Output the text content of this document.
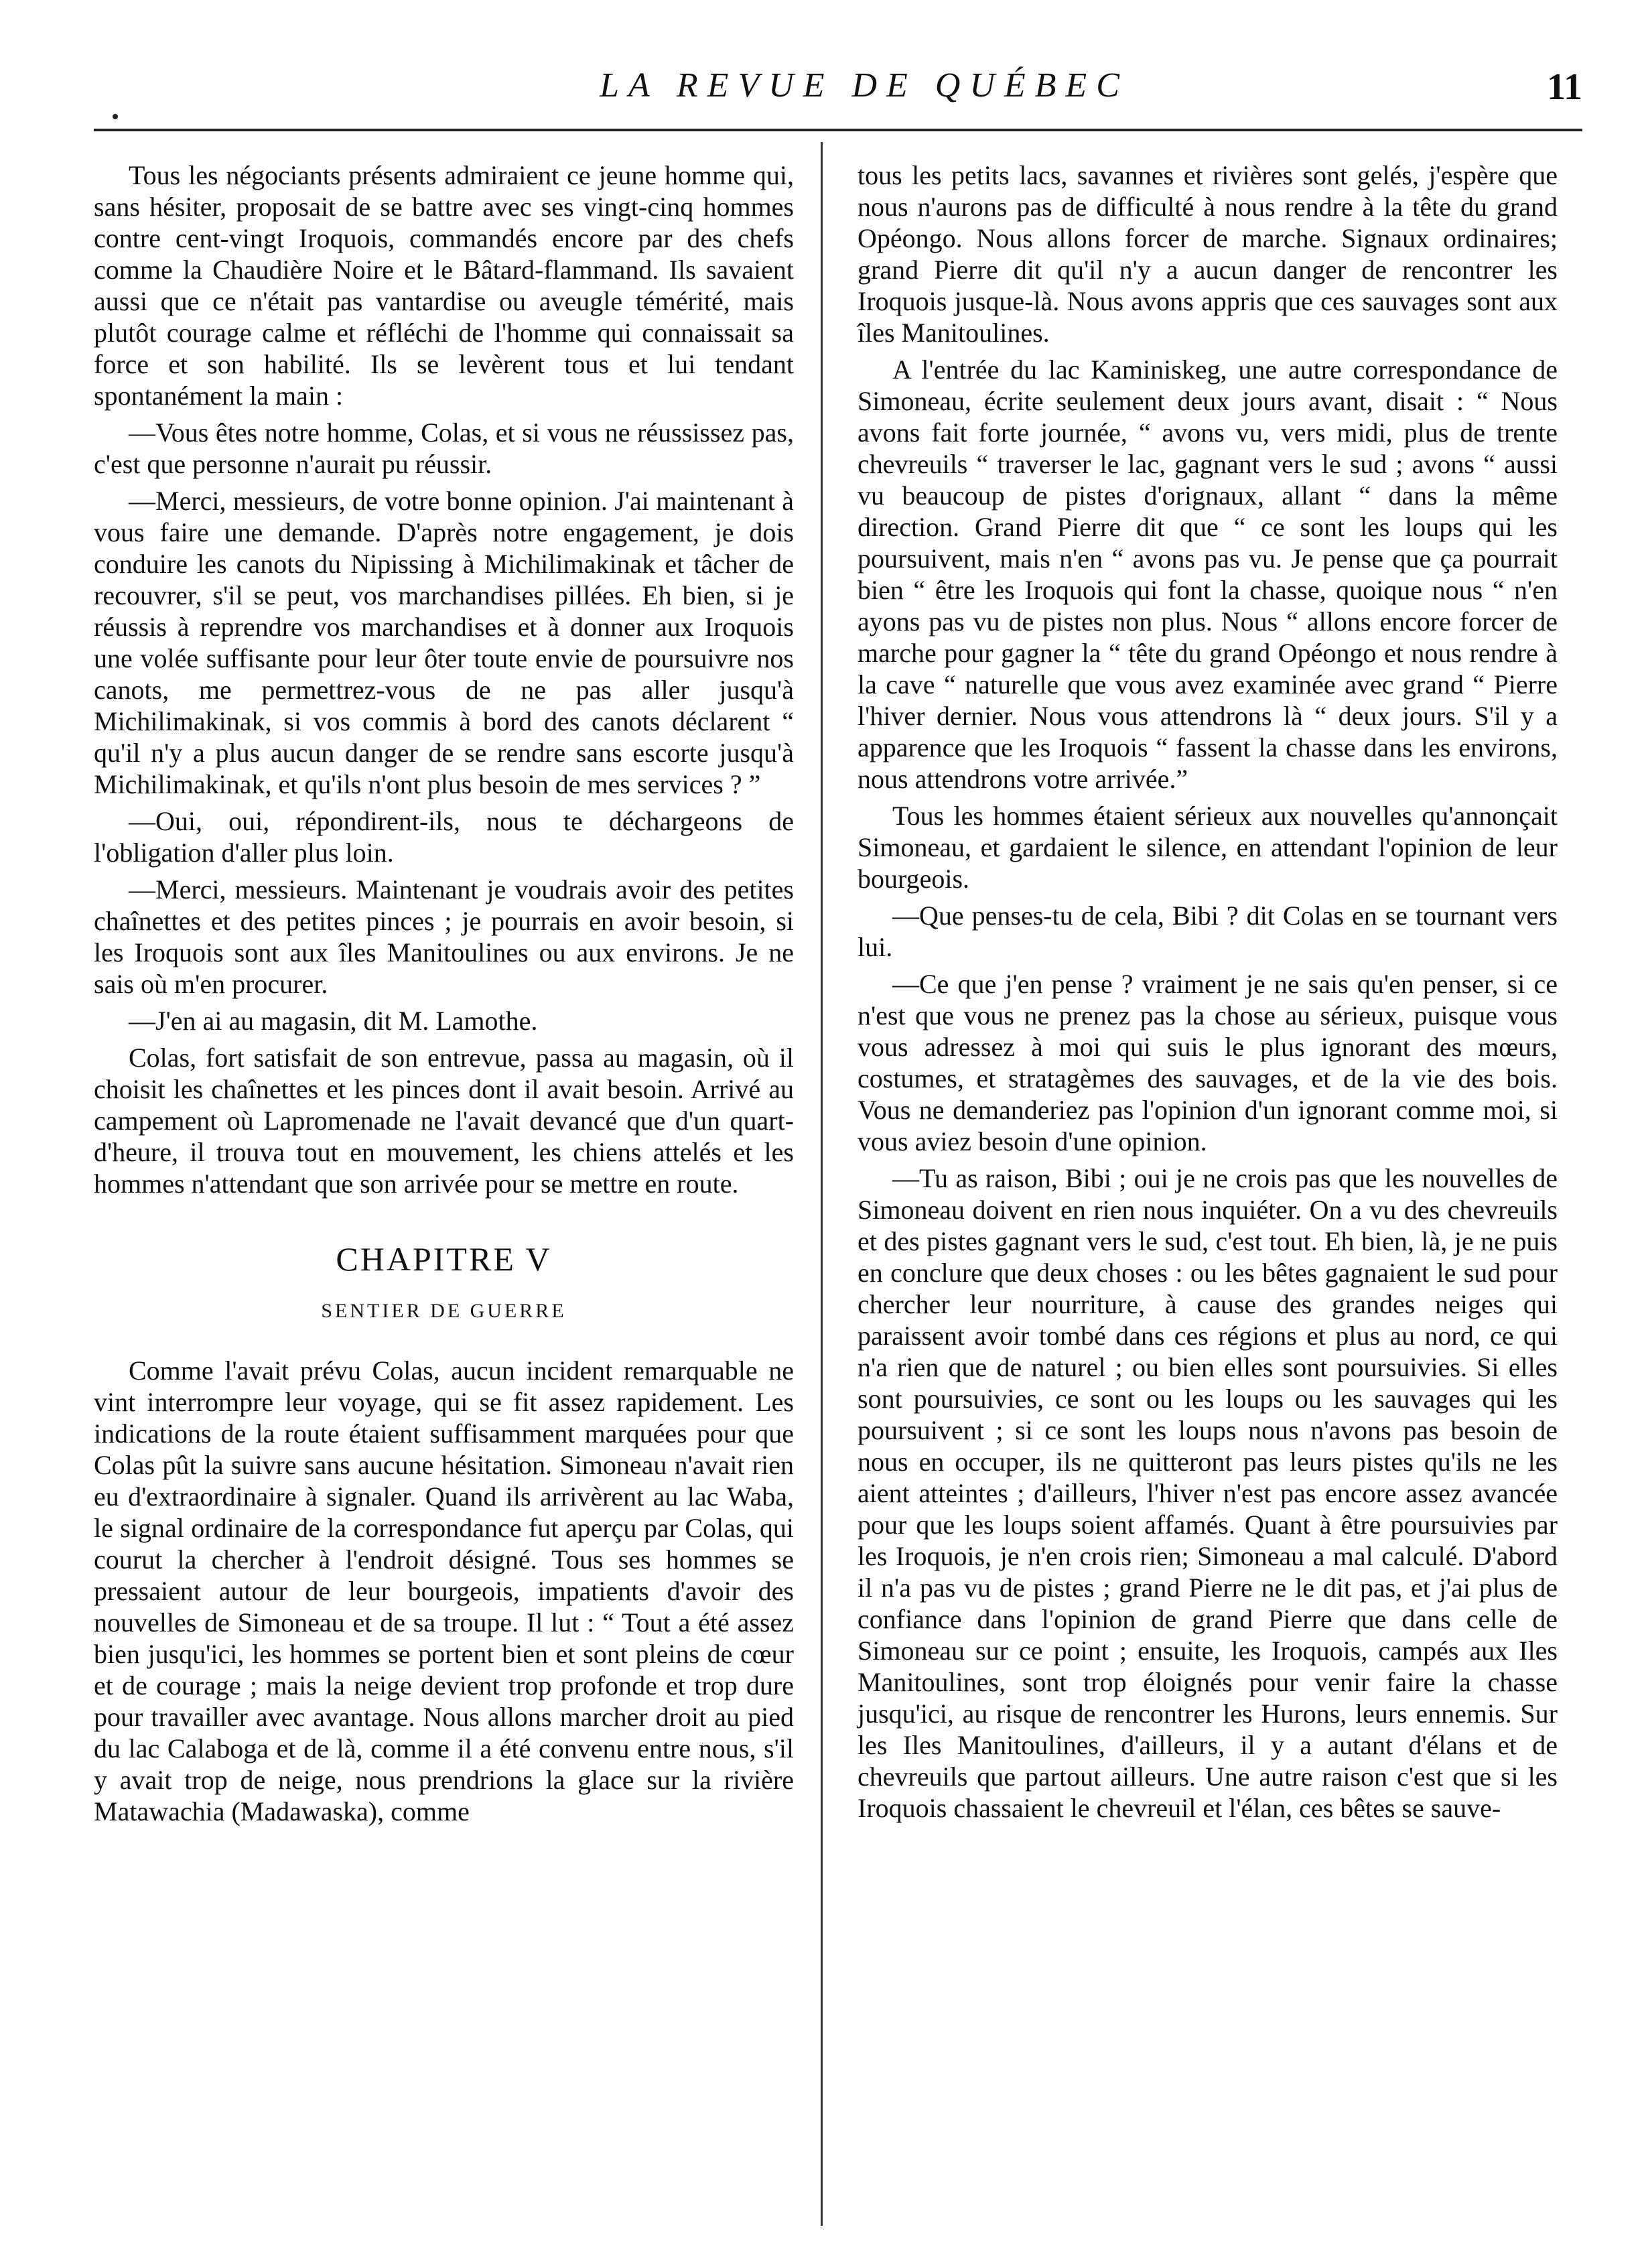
LA REVUE DE QUÉBEC	11

Tous les négociants présents admiraient ce jeune homme qui, sans hésiter, proposait de se battre avec ses vingt-cinq hommes contre cent-vingt Iroquois, commandés encore par des chefs comme la Chaudière Noire et le Bâtard-flammand. Ils savaient aussi que ce n'était pas vantardise ou aveugle témérité, mais plutôt courage calme et réfléchi de l'homme qui connaissait sa force et son habilité. Ils se levèrent tous et lui tendant spontanément la main :

—Vous êtes notre homme, Colas, et si vous ne réussissez pas, c'est que personne n'aurait pu réussir.

—Merci, messieurs, de votre bonne opinion. J'ai maintenant à vous faire une demande. D'après notre engagement, je dois conduire les canots du Nipissing à Michilimakinak et tâcher de recouvrer, s'il se peut, vos marchandises pillées. Eh bien, si je réussis à reprendre vos marchandises et à donner aux Iroquois une volée suffisante pour leur ôter toute envie de poursuivre nos canots, me permettrez-vous de ne pas aller jusqu'à Michilimakinak, si vos commis à bord des canots déclarent “ qu'il n'y a plus aucun danger de se rendre sans escorte jusqu'à Michilimakinak, et qu'ils n'ont plus besoin de mes services ? ”

—Oui, oui, répondirent-ils, nous te déchargeons de l'obligation d'aller plus loin.

—Merci, messieurs. Maintenant je voudrais avoir des petites chaînettes et des petites pinces ; je pourrais en avoir besoin, si les Iroquois sont aux îles Manitoulines ou aux environs. Je ne sais où m'en procurer.

—J'en ai au magasin, dit M. Lamothe.

Colas, fort satisfait de son entrevue, passa au magasin, où il choisit les chaînettes et les pinces dont il avait besoin. Arrivé au campement où Lapromenade ne l'avait devancé que d'un quart-d'heure, il trouva tout en mouvement, les chiens attelés et les hommes n'attendant que son arrivée pour se mettre en route.

CHAPITRE V
SENTIER DE GUERRE

Comme l'avait prévu Colas, aucun incident remarquable ne vint interrompre leur voyage, qui se fit assez rapidement. Les indications de la route étaient suffisamment marquées pour que Colas pût la suivre sans aucune hésitation. Simoneau n'avait rien eu d'extraordinaire à signaler. Quand ils arrivèrent au lac Waba, le signal ordinaire de la correspondance fut aperçu par Colas, qui courut la chercher à l'endroit désigné. Tous ses hommes se pressaient autour de leur bourgeois, impatients d'avoir des nouvelles de Simoneau et de sa troupe. Il lut : “ Tout a été assez bien jusqu'ici, les hommes se portent bien et sont pleins de cœur et de courage ; mais la neige devient trop profonde et trop dure pour travailler avec avantage. Nous allons marcher droit au pied du lac Calaboga et de là, comme il a été convenu entre nous, s'il y avait trop de neige, nous prendrions la glace sur la rivière Matawachia (Madawaska), comme

tous les petits lacs, savannes et rivières sont gelés, j'espère que nous n'aurons pas de difficulté à nous rendre à la tête du grand Opéongo. Nous allons forcer de marche. Signaux ordinaires; grand Pierre dit qu'il n'y a aucun danger de rencontrer les Iroquois jusque-là. Nous avons appris que ces sauvages sont aux îles Manitoulines.

A l'entrée du lac Kaminiskeg, une autre correspondance de Simoneau, écrite seulement deux jours avant, disait : “ Nous avons fait forte journée, “ avons vu, vers midi, plus de trente chevreuils “ traverser le lac, gagnant vers le sud ; avons “ aussi vu beaucoup de pistes d'orignaux, allant “ dans la même direction. Grand Pierre dit que “ ce sont les loups qui les poursuivent, mais n'en “ avons pas vu. Je pense que ça pourrait bien “ être les Iroquois qui font la chasse, quoique nous “ n'en ayons pas vu de pistes non plus. Nous “ allons encore forcer de marche pour gagner la “ tête du grand Opéongo et nous rendre à la cave “ naturelle que vous avez examinée avec grand “ Pierre l'hiver dernier. Nous vous attendrons là “ deux jours. S'il y a apparence que les Iroquois “ fassent la chasse dans les environs, nous attendrons votre arrivée.”

Tous les hommes étaient sérieux aux nouvelles qu'annonçait Simoneau, et gardaient le silence, en attendant l'opinion de leur bourgeois.

—Que penses-tu de cela, Bibi ? dit Colas en se tournant vers lui.

—Ce que j'en pense ? vraiment je ne sais qu'en penser, si ce n'est que vous ne prenez pas la chose au sérieux, puisque vous vous adressez à moi qui suis le plus ignorant des mœurs, costumes, et stratagèmes des sauvages, et de la vie des bois. Vous ne demanderiez pas l'opinion d'un ignorant comme moi, si vous aviez besoin d'une opinion.

—Tu as raison, Bibi ; oui je ne crois pas que les nouvelles de Simoneau doivent en rien nous inquiéter. On a vu des chevreuils et des pistes gagnant vers le sud, c'est tout. Eh bien, là, je ne puis en conclure que deux choses : ou les bêtes gagnaient le sud pour chercher leur nourriture, à cause des grandes neiges qui paraissent avoir tombé dans ces régions et plus au nord, ce qui n'a rien que de naturel ; ou bien elles sont poursuivies. Si elles sont poursuivies, ce sont ou les loups ou les sauvages qui les poursuivent ; si ce sont les loups nous n'avons pas besoin de nous en occuper, ils ne quitteront pas leurs pistes qu'ils ne les aient atteintes ; d'ailleurs, l'hiver n'est pas encore assez avancée pour que les loups soient affamés. Quant à être poursuivies par les Iroquois, je n'en crois rien; Simoneau a mal calculé. D'abord il n'a pas vu de pistes ; grand Pierre ne le dit pas, et j'ai plus de confiance dans l'opinion de grand Pierre que dans celle de Simoneau sur ce point ; ensuite, les Iroquois, campés aux Iles Manitoulines, sont trop éloignés pour venir faire la chasse jusqu'ici, au risque de rencontrer les Hurons, leurs ennemis. Sur les Iles Manitoulines, d'ailleurs, il y a autant d'élans et de chevreuils que partout ailleurs. Une autre raison c'est que si les Iroquois chassaient le chevreuil et l'élan, ces bêtes se sauve-
